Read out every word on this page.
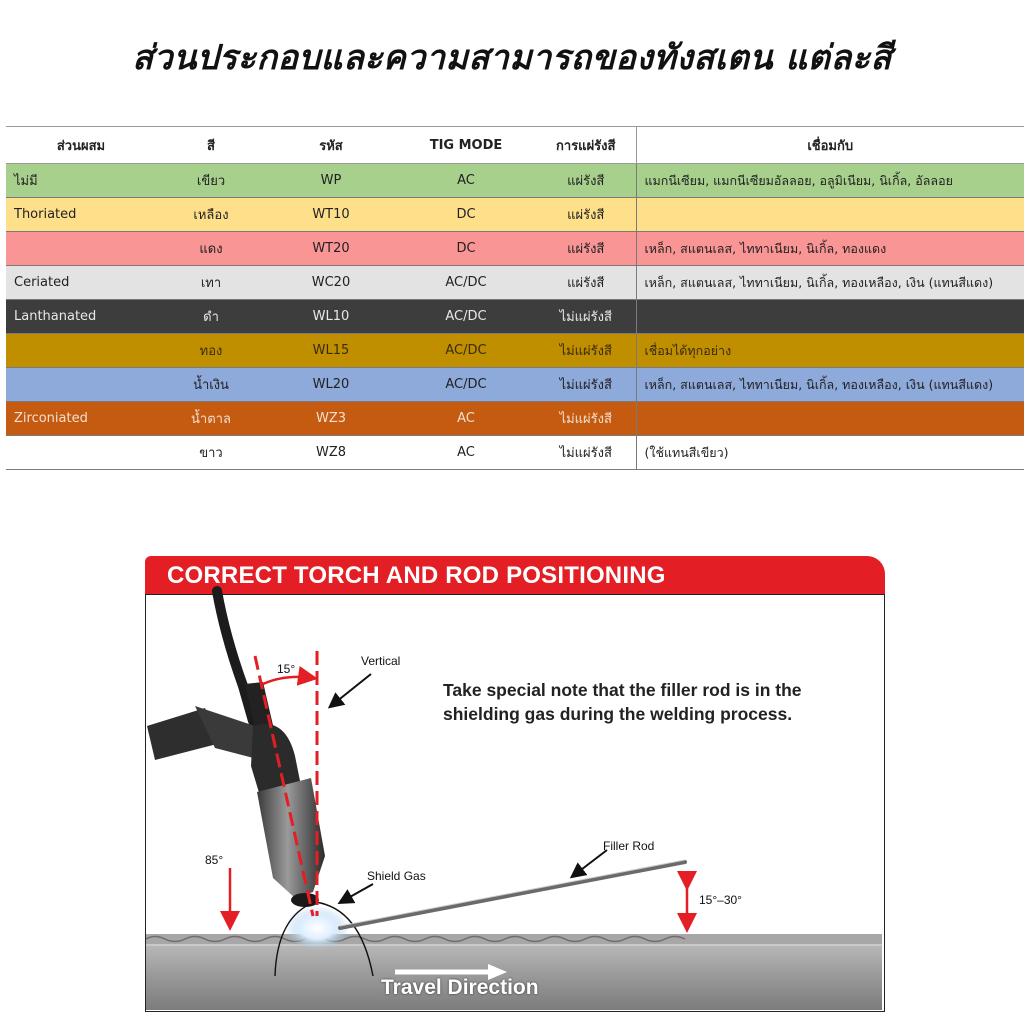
ส่วนประกอบและความสามารถของทังสเตน แต่ละสี
ส่วนผสม	สี	รหัส	TIG MODE	การแผ่รังสี	เชื่อมกับ
ไม่มี	เขียว	WP	AC	แผ่รังสี	แมกนีเซียม, แมกนีเซียมอัลลอย, อลูมิเนียม, นิเกิ้ล, อัลลอย
Thoriated	เหลือง	WT10	DC	แผ่รังสี	
	แดง	WT20	DC	แผ่รังสี	เหล็ก, สแตนเลส, ไททาเนียม, นิเกิ้ล, ทองแดง
Ceriated	เทา	WC20	AC/DC	แผ่รังสี	เหล็ก, สแตนเลส, ไททาเนียม, นิเกิ้ล, ทองเหลือง, เงิน (แทนสีแดง)
Lanthanated	ดำ	WL10	AC/DC	ไม่แผ่รังสี	
	ทอง	WL15	AC/DC	ไม่แผ่รังสี	เชื่อมได้ทุกอย่าง
	น้ำเงิน	WL20	AC/DC	ไม่แผ่รังสี	เหล็ก, สแตนเลส, ไททาเนียม, นิเกิ้ล, ทองเหลือง, เงิน (แทนสีแดง)
Zirconiated	น้ำตาล	WZ3	AC	ไม่แผ่รังสี	
	ขาว	WZ8	AC	ไม่แผ่รังสี	(ใช้แทนสีเขียว)
CORRECT TORCH AND ROD POSITIONING
15°
Vertical
85°
Shield Gas
Filler Rod
15°–30°
Take special note that the filler rod is in the shielding gas during the welding process.
Travel Direction
